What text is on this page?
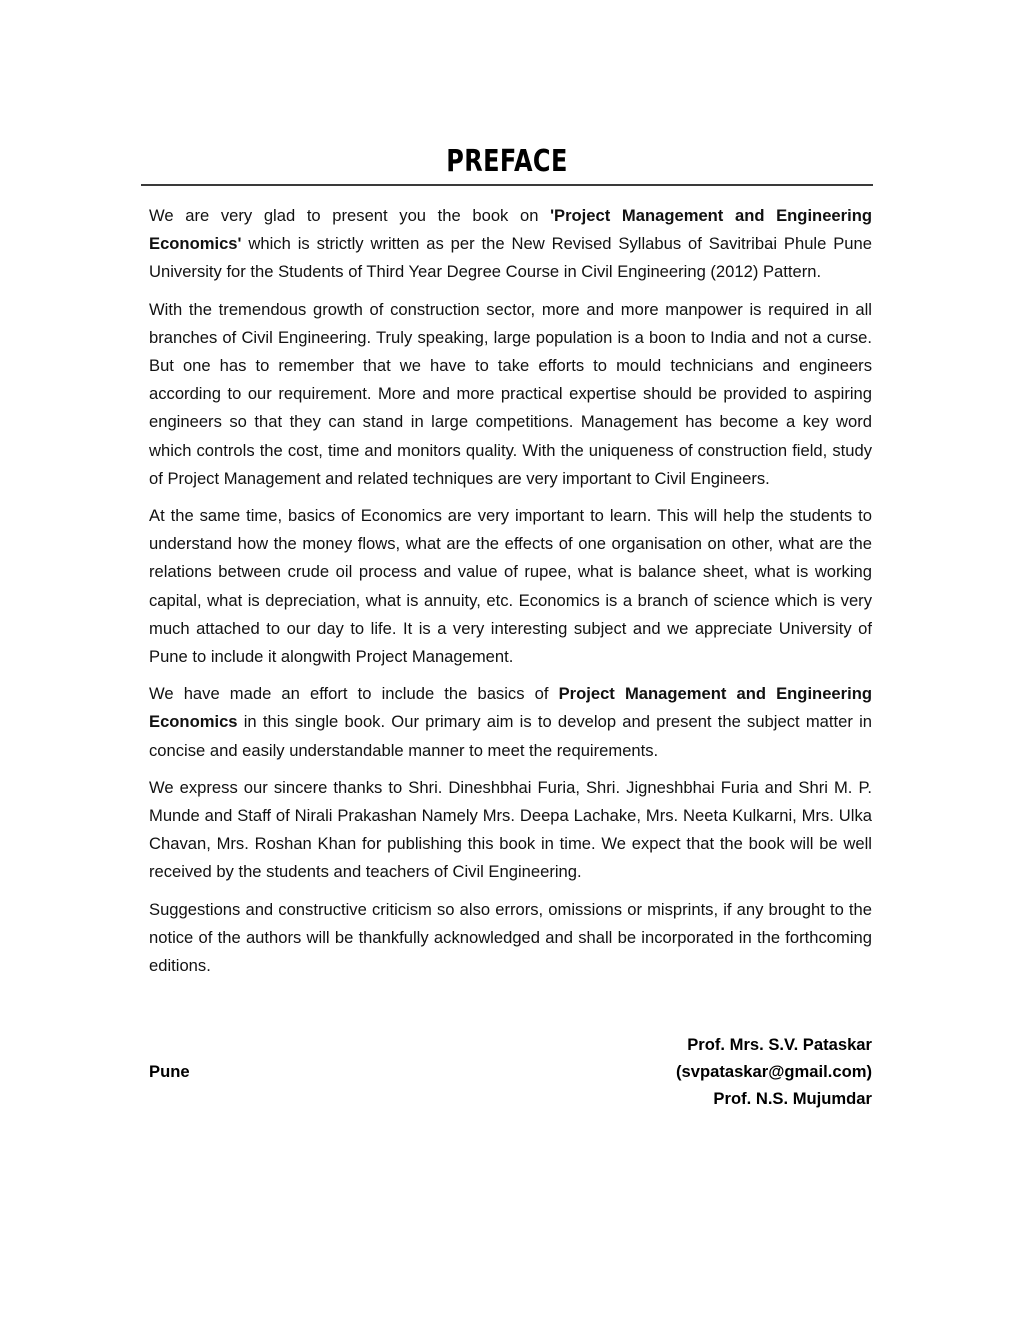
PREFACE

We are very glad to present you the book on 'Project Management and Engineering Economics' which is strictly written as per the New Revised Syllabus of Savitribai Phule Pune University for the Students of Third Year Degree Course in Civil Engineering (2012) Pattern.

With the tremendous growth of construction sector, more and more manpower is required in all branches of Civil Engineering. Truly speaking, large population is a boon to India and not a curse. But one has to remember that we have to take efforts to mould technicians and engineers according to our requirement. More and more practical expertise should be provided to aspiring engineers so that they can stand in large competitions. Management has become a key word which controls the cost, time and monitors quality. With the uniqueness of construction field, study of Project Management and related techniques are very important to Civil Engineers.

At the same time, basics of Economics are very important to learn. This will help the students to understand how the money flows, what are the effects of one organisation on other, what are the relations between crude oil process and value of rupee, what is balance sheet, what is working capital, what is depreciation, what is annuity, etc. Economics is a branch of science which is very much attached to our day to life. It is a very interesting subject and we appreciate University of Pune to include it alongwith Project Management.

We have made an effort to include the basics of Project Management and Engineering Economics in this single book. Our primary aim is to develop and present the subject matter in concise and easily understandable manner to meet the requirements.

We express our sincere thanks to Shri. Dineshbhai Furia, Shri. Jigneshbhai Furia and Shri M. P. Munde and Staff of Nirali Prakashan Namely Mrs. Deepa Lachake, Mrs. Neeta Kulkarni, Mrs. Ulka Chavan, Mrs. Roshan Khan for publishing this book in time. We expect that the book will be well received by the students and teachers of Civil Engineering.

Suggestions and constructive criticism so also errors, omissions or misprints, if any brought to the notice of the authors will be thankfully acknowledged and shall be incorporated in the forthcoming editions.

Prof. Mrs. S.V. Pataskar
Pune	(svpataskar@gmail.com)
Prof. N.S. Mujumdar
